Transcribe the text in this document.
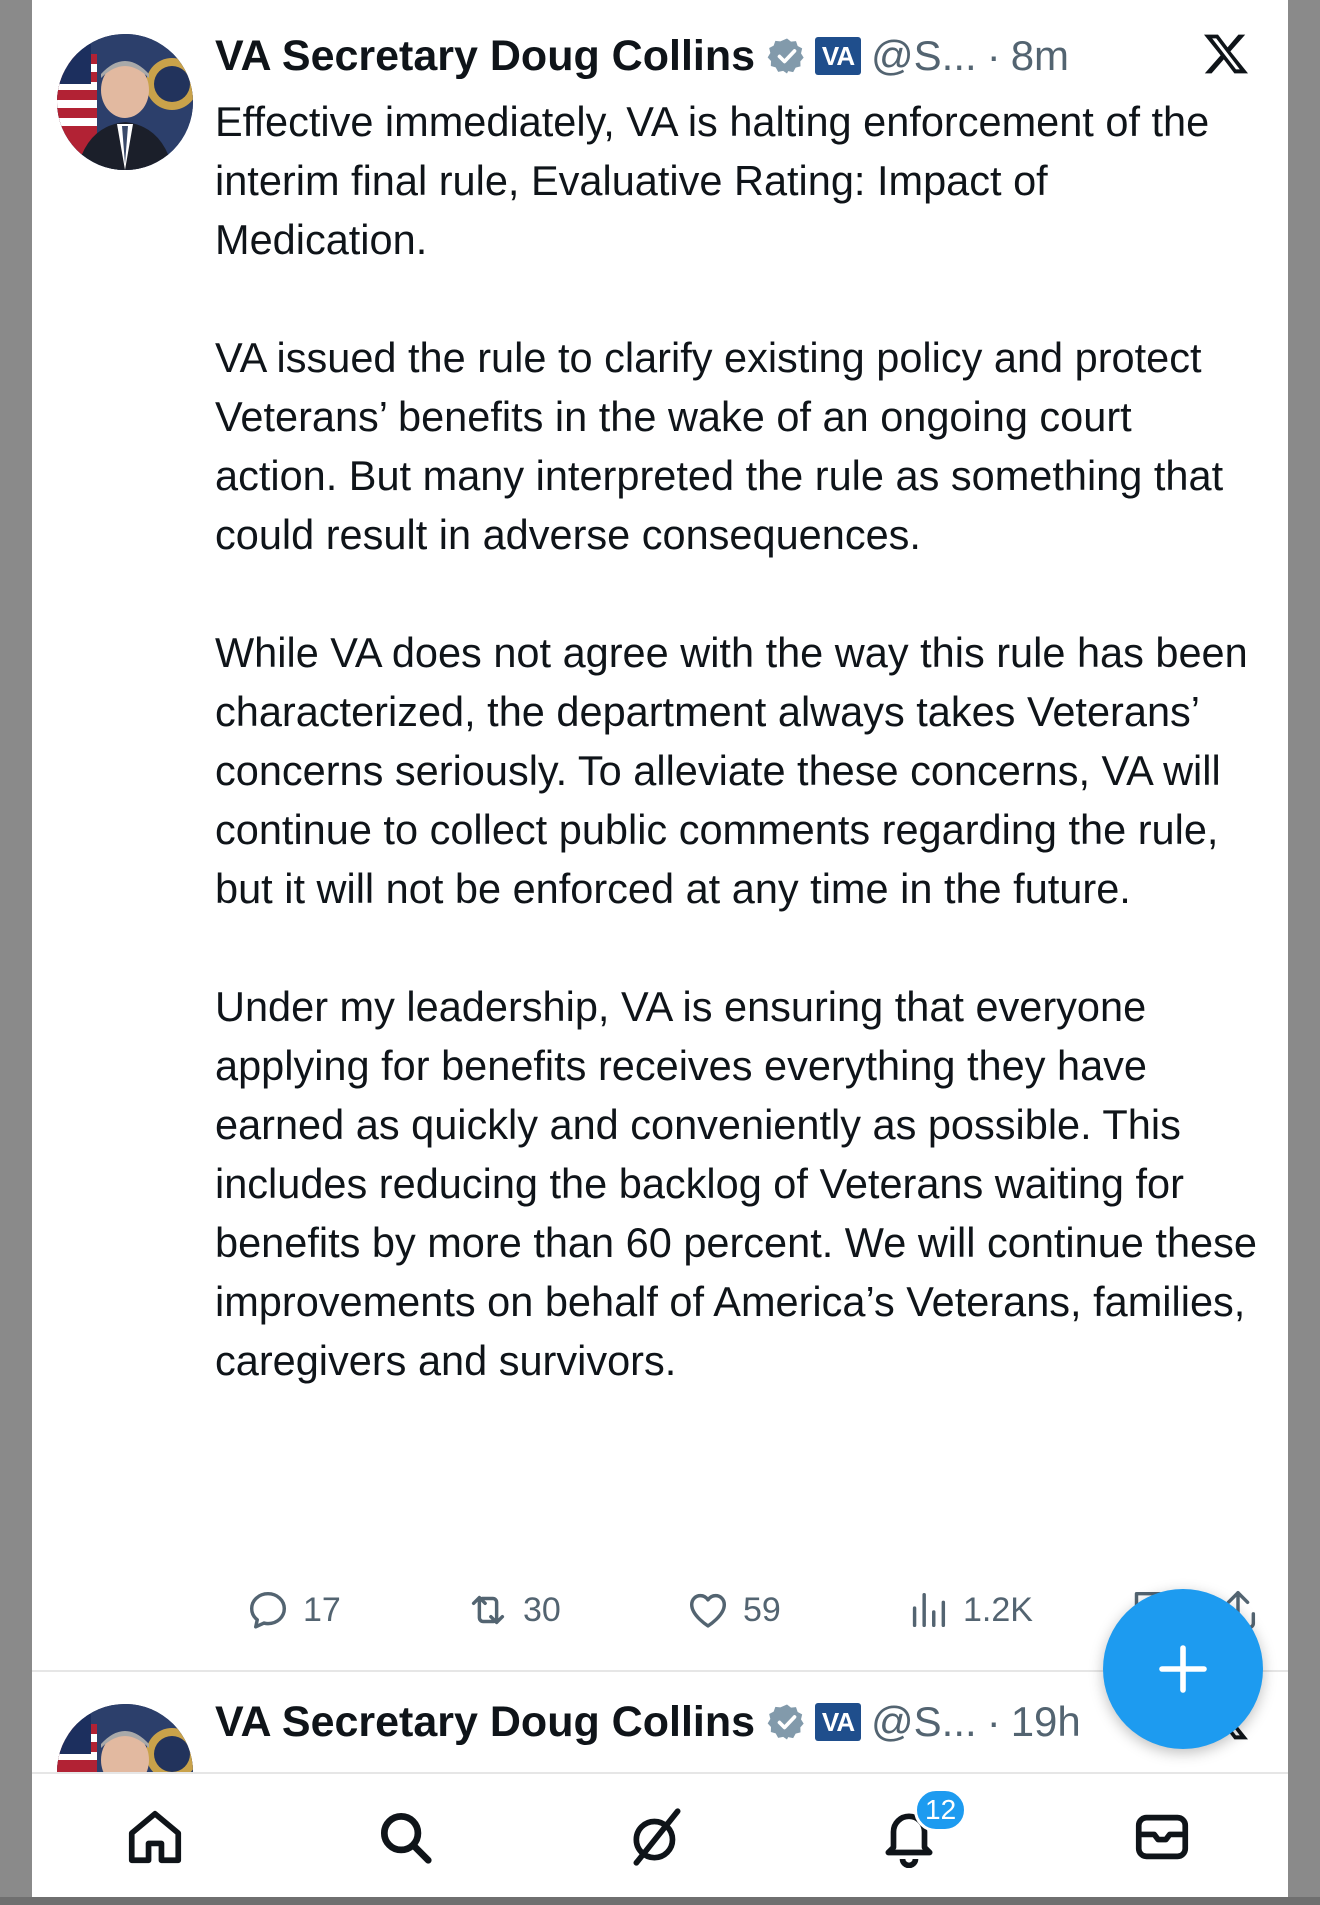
VA Secretary Doug Collins	VA @S... · 8m

Effective immediately, VA is halting enforcement of the interim final rule, Evaluative Rating: Impact of Medication.

VA issued the rule to clarify existing policy and protect Veterans’ benefits in the wake of an ongoing court action. But many interpreted the rule as something that could result in adverse consequences.

While VA does not agree with the way this rule has been characterized, the department always takes Veterans’ concerns seriously. To alleviate these concerns, VA will continue to collect public comments regarding the rule, but it will not be enforced at any time in the future.

Under my leadership, VA is ensuring that everyone applying for benefits receives everything they have earned as quickly and conveniently as possible. This includes reducing the backlog of Veterans waiting for benefits by more than 60 percent. We will continue these improvements on behalf of America’s Veterans, families, caregivers and survivors.

17	30	59	1.2K
VA Secretary Doug Collins	VA @S... · 19h
12
